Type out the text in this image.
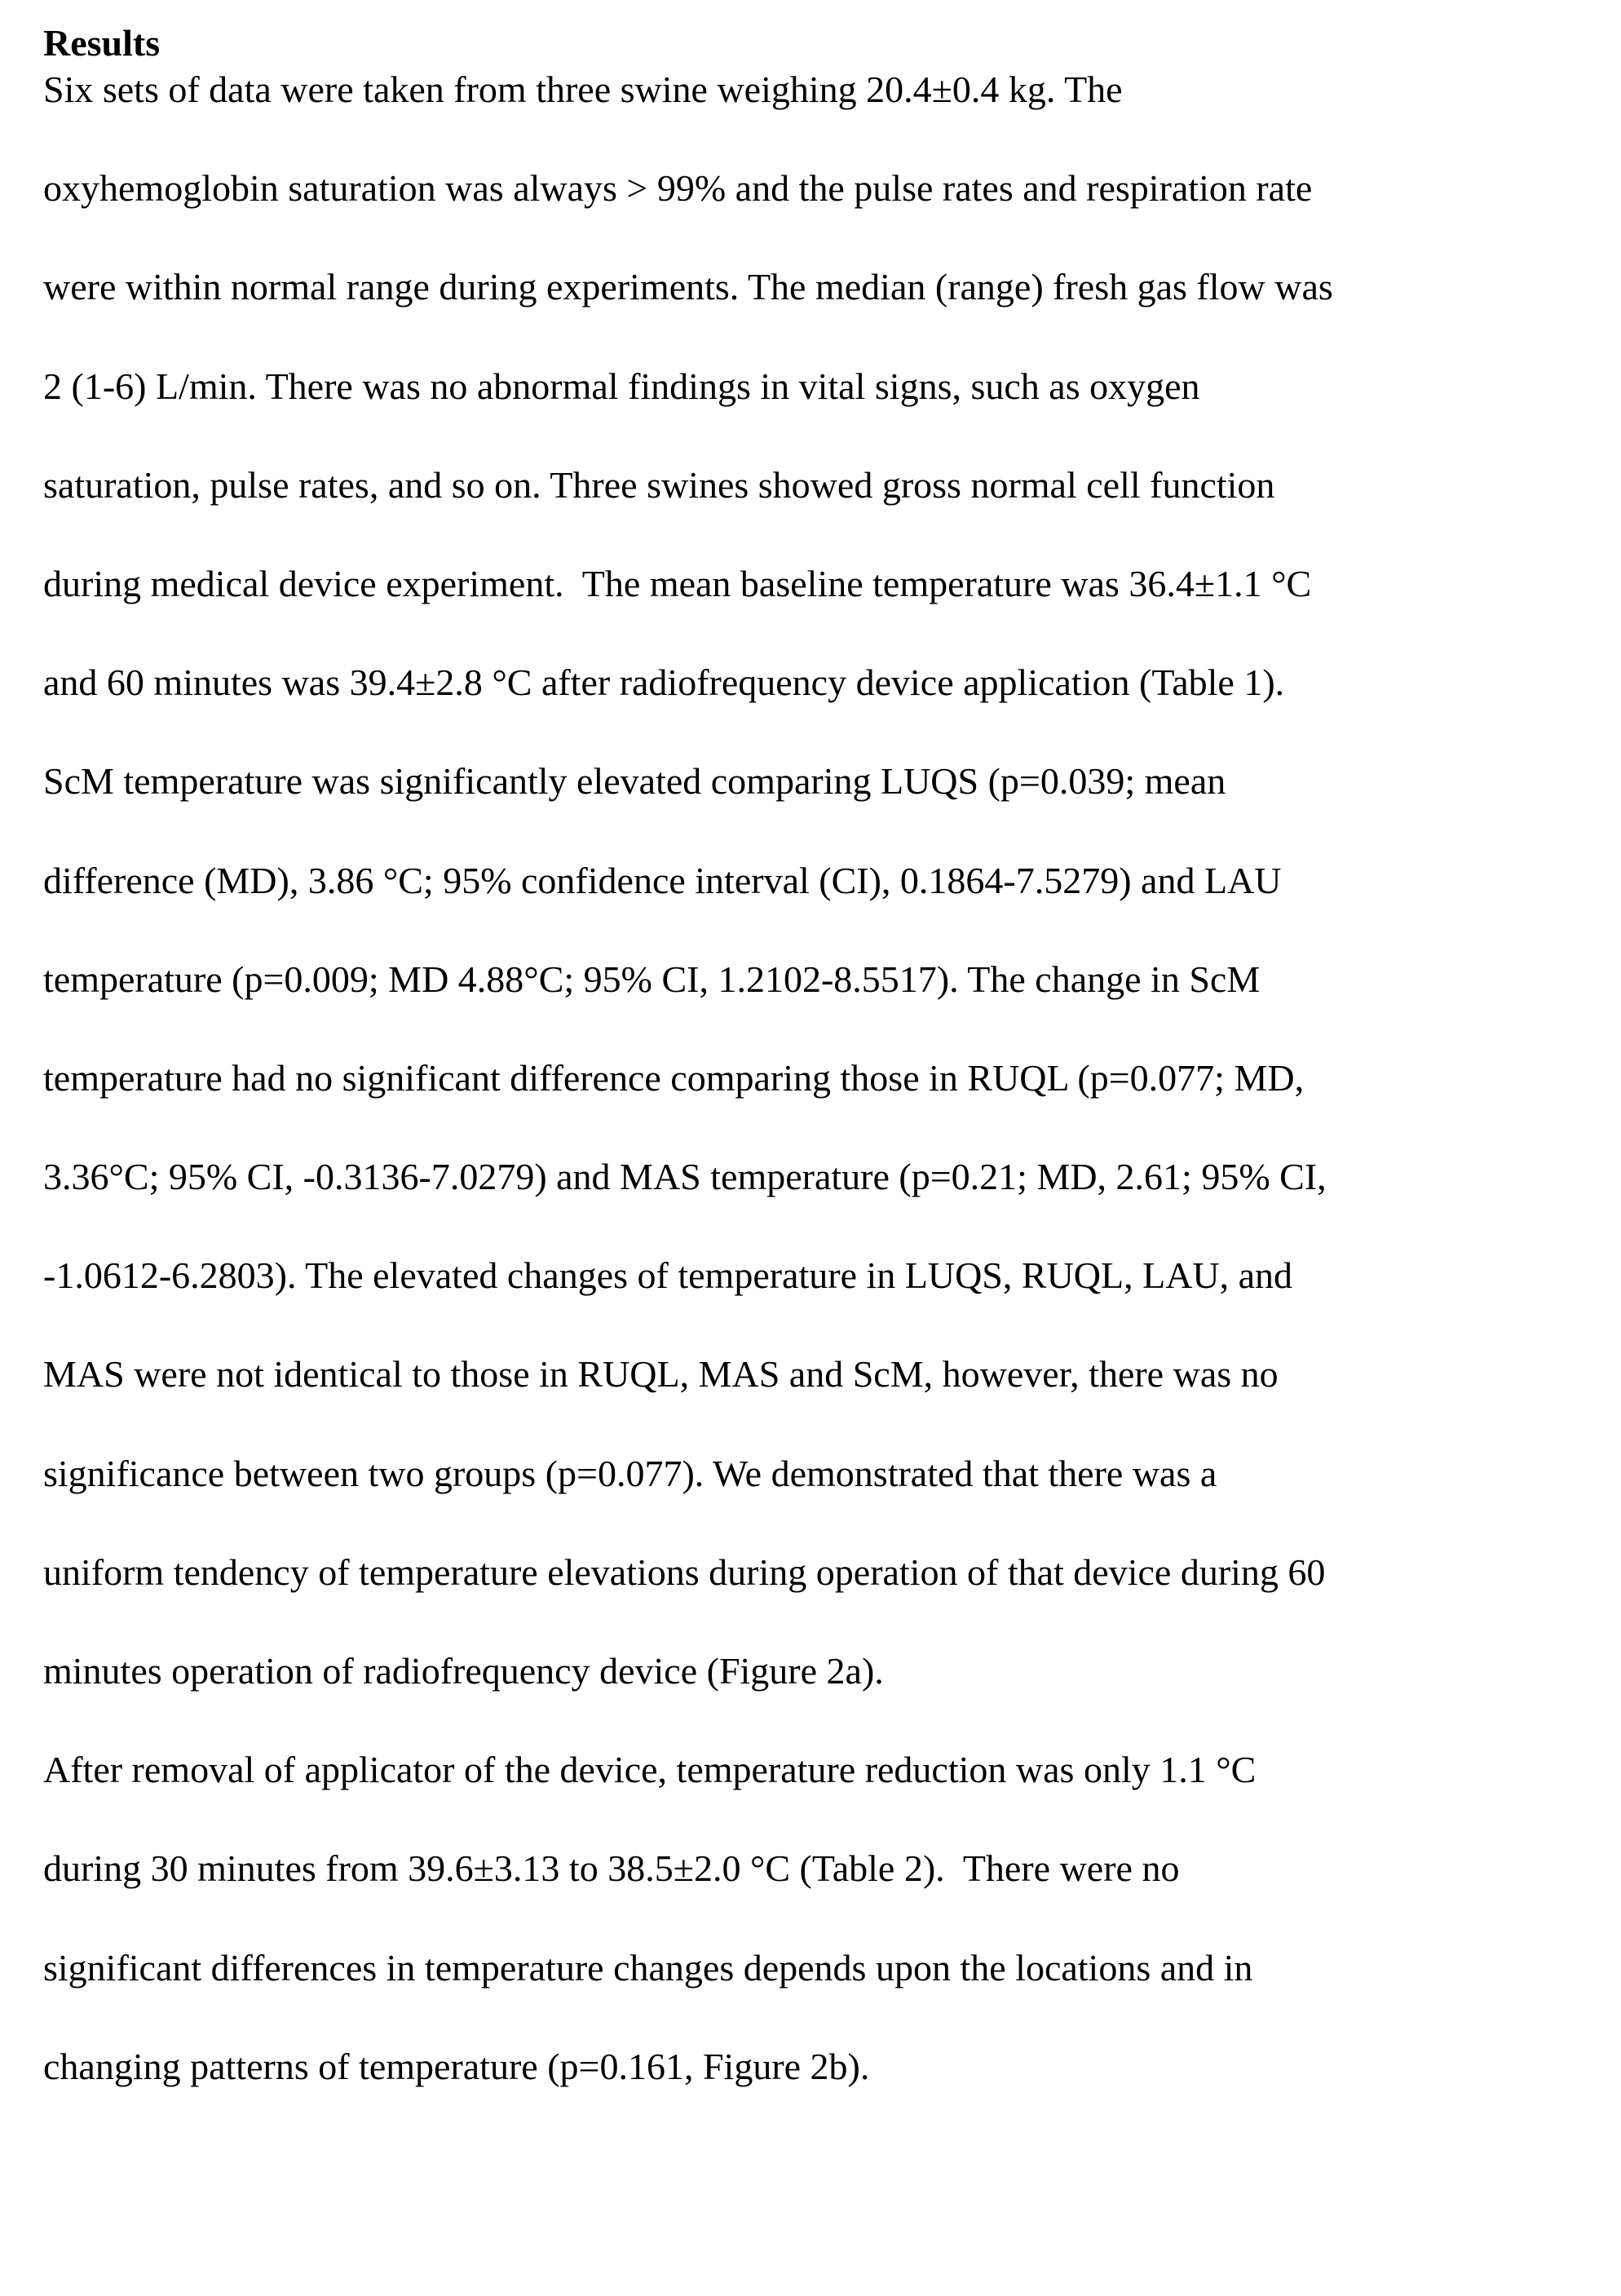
Results
Six sets of data were taken from three swine weighing 20.4±0.4 kg. The
oxyhemoglobin saturation was always > 99% and the pulse rates and respiration rate
were within normal range during experiments. The median (range) fresh gas flow was
2 (1-6) L/min. There was no abnormal findings in vital signs, such as oxygen
saturation, pulse rates, and so on. Three swines showed gross normal cell function
during medical device experiment.  The mean baseline temperature was 36.4±1.1 °C
and 60 minutes was 39.4±2.8 °C after radiofrequency device application (Table 1).
ScM temperature was significantly elevated comparing LUQS (p=0.039; mean
difference (MD), 3.86 °C; 95% confidence interval (CI), 0.1864-7.5279) and LAU
temperature (p=0.009; MD 4.88°C; 95% CI, 1.2102-8.5517). The change in ScM
temperature had no significant difference comparing those in RUQL (p=0.077; MD,
3.36°C; 95% CI, -0.3136-7.0279) and MAS temperature (p=0.21; MD, 2.61; 95% CI,
-1.0612-6.2803). The elevated changes of temperature in LUQS, RUQL, LAU, and
MAS were not identical to those in RUQL, MAS and ScM, however, there was no
significance between two groups (p=0.077). We demonstrated that there was a
uniform tendency of temperature elevations during operation of that device during 60
minutes operation of radiofrequency device (Figure 2a).
After removal of applicator of the device, temperature reduction was only 1.1 °C
during 30 minutes from 39.6±3.13 to 38.5±2.0 °C (Table 2).  There were no
significant differences in temperature changes depends upon the locations and in
changing patterns of temperature (p=0.161, Figure 2b).
